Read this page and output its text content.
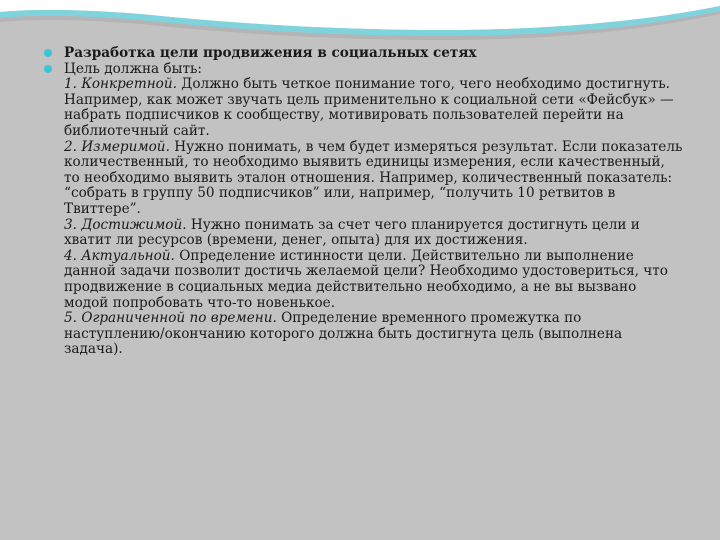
Разработка цели продвижения в социальных сетях
Цель должна быть:
1. Конкретной. Должно быть четкое понимание того, чего необходимо достигнуть. Например, как может звучать цель применительно к социальной сети «Фейсбук» — набрать подписчиков к сообществу, мотивировать пользователей перейти на библиотечный сайт.
2. Измеримой. Нужно понимать, в чем будет измеряться результат. Если показатель количественный, то необходимо выявить единицы измерения, если качественный, то необходимо выявить эталон отношения. Например, количественный показатель: “собрать в группу 50 подписчиков” или, например, “получить 10 ретвитов в Твиттере”.
3. Достижимой. Нужно понимать за счет чего планируется достигнуть цели и хватит ли ресурсов (времени, денег, опыта) для их достижения.
4. Актуальной. Определение истинности цели. Действительно ли выполнение данной задачи позволит достичь желаемой цели? Необходимо удостовериться, что продвижение в социальных медиа действительно необходимо, а не вы вызвано модой попробовать что-то новенькое.
5. Ограниченной по времени. Определение временного промежутка по наступлению/окончанию которого должна быть достигнута цель (выполнена задача).
